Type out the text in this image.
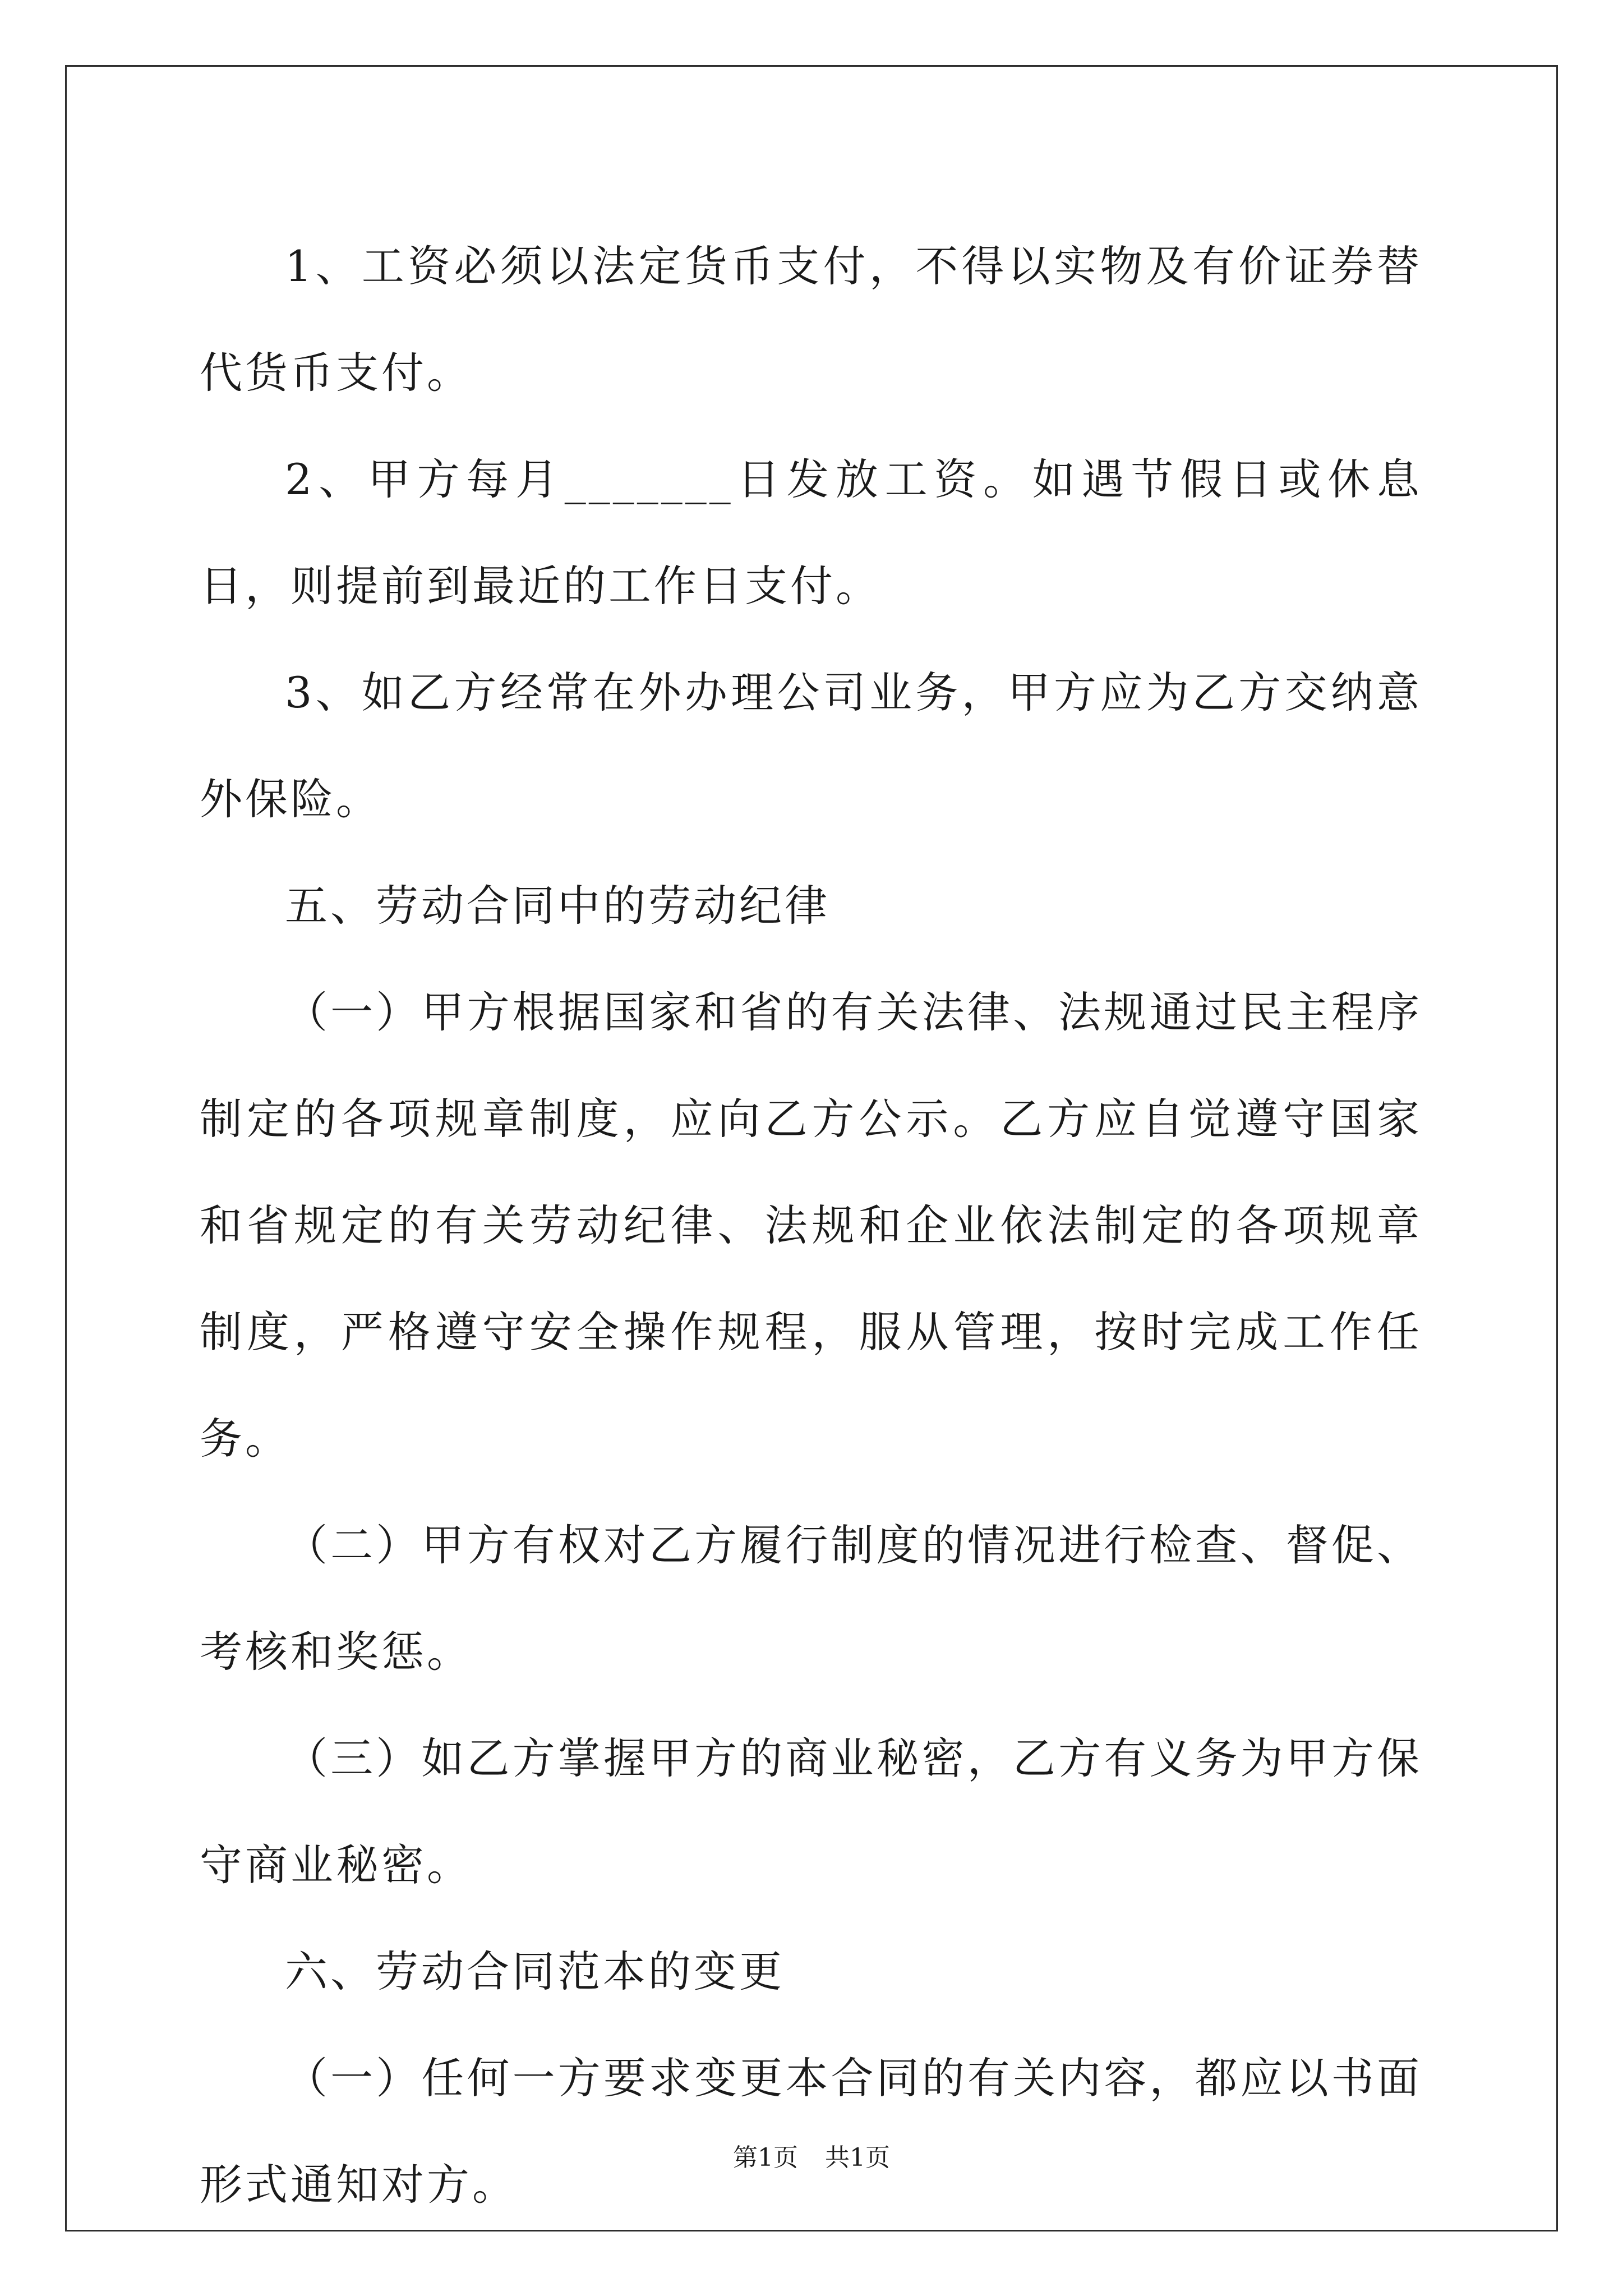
1、工资必须以法定货币支付，不得以实物及有价证券替代货币支付。

2、甲方每月_______日发放工资。如遇节假日或休息日，则提前到最近的工作日支付。

3、如乙方经常在外办理公司业务，甲方应为乙方交纳意外保险。

五、劳动合同中的劳动纪律

（一）甲方根据国家和省的有关法律、法规通过民主程序制定的各项规章制度，应向乙方公示。乙方应自觉遵守国家和省规定的有关劳动纪律、法规和企业依法制定的各项规章制度，严格遵守安全操作规程，服从管理，按时完成工作任务。

（二）甲方有权对乙方履行制度的情况进行检查、督促、考核和奖惩。

（三）如乙方掌握甲方的商业秘密，乙方有义务为甲方保守商业秘密。

六、劳动合同范本的变更

（一）任何一方要求变更本合同的有关内容，都应以书面形式通知对方。

第1页 共1页
